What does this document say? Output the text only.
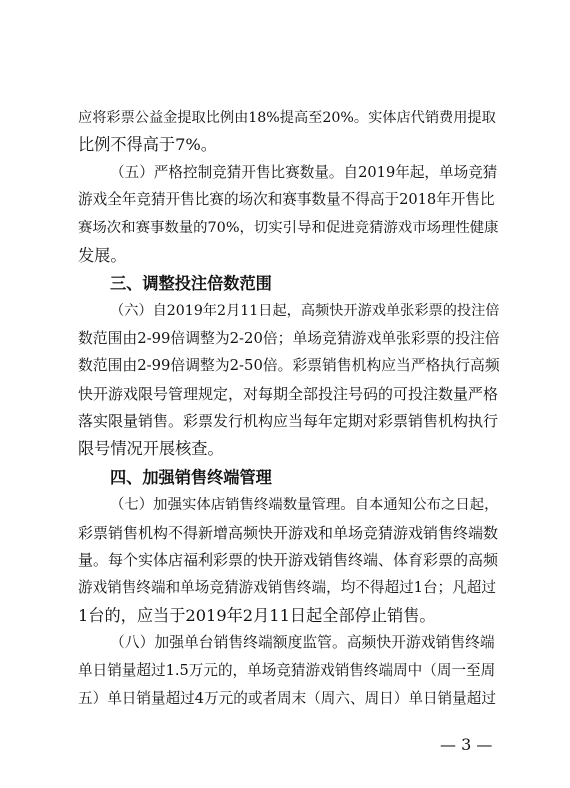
应将彩票公益金提取比例由18%提高至20%。实体店代销费用提取
比例不得高于7%。
（五）严格控制竞猜开售比赛数量。自2019年起，单场竞猜
游戏全年竞猜开售比赛的场次和赛事数量不得高于2018年开售比
赛场次和赛事数量的70%，切实引导和促进竞猜游戏市场理性健康
发展。
三、调整投注倍数范围
（六）自2019年2月11日起，高频快开游戏单张彩票的投注倍
数范围由2-99倍调整为2-20倍；单场竞猜游戏单张彩票的投注倍
数范围由2-99倍调整为2-50倍。彩票销售机构应当严格执行高频
快开游戏限号管理规定，对每期全部投注号码的可投注数量严格
落实限量销售。彩票发行机构应当每年定期对彩票销售机构执行
限号情况开展核查。
四、加强销售终端管理
（七）加强实体店销售终端数量管理。自本通知公布之日起，
彩票销售机构不得新增高频快开游戏和单场竞猜游戏销售终端数
量。每个实体店福利彩票的快开游戏销售终端、体育彩票的高频
游戏销售终端和单场竞猜游戏销售终端，均不得超过1台；凡超过
1台的，应当于2019年2月11日起全部停止销售。
（八）加强单台销售终端额度监管。高频快开游戏销售终端
单日销量超过1.5万元的，单场竞猜游戏销售终端周中（周一至周
五）单日销量超过4万元的或者周末（周六、周日）单日销量超过
— 3 —
